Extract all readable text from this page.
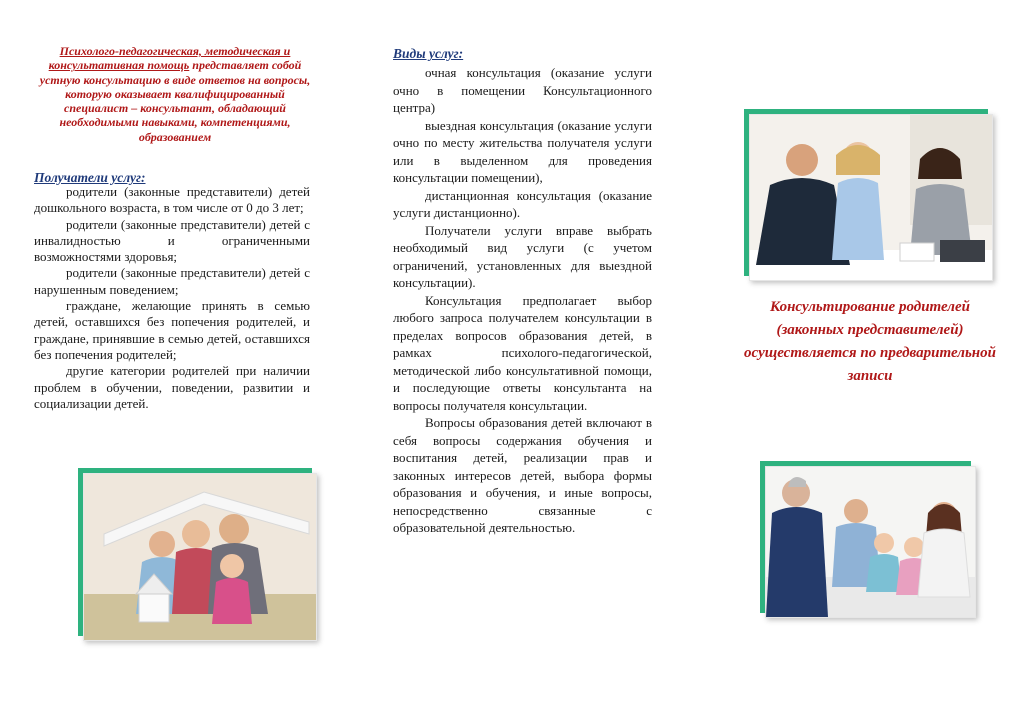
Психолого-педагогическая, методическая и консультативная помощь представляет собой устную консультацию в виде ответов на вопросы, которую оказывает квалифицированный специалист – консультант, обладающий необходимыми навыками, компетенциями, образованием
Получатели услуг:

родители (законные представители) детей дошкольного возраста, в том числе от 0 до 3 лет;

родители (законные представители) детей с инвалидностью и ограниченными возможностями здоровья;

родители (законные представители) детей с нарушенным поведением;

граждане, желающие принять в семью детей, оставшихся без попечения родителей, и граждане, принявшие в семью детей, оставшихся без попечения родителей;

другие категории родителей при наличии проблем в обучении, поведении, развитии и социализации детей.

Виды услуг:

очная консультация (оказание услуги очно в помещении Консультационного центра)

выездная консультация (оказание услуги очно по месту жительства получателя услуги или в выделенном для проведения консультации помещении),

дистанционная консультация (оказание услуги дистанционно).

Получатели услуги вправе выбрать необходимый вид услуги (с учетом ограничений, установленных для выездной консультации).

Консультация предполагает выбор любого запроса получателем консультации в пределах вопросов образования детей, в рамках психолого-педагогической, методической либо консультативной помощи, и последующие ответы консультанта на вопросы получателя консультации.

Вопросы образования детей включают в себя вопросы содержания обучения и воспитания детей, реализации прав и законных интересов детей, выбора формы образования и обучения, и иные вопросы, непосредственно связанные с образовательной деятельностью.

Консультирование родителей (законных представителей) осуществляется по предварительной записи
